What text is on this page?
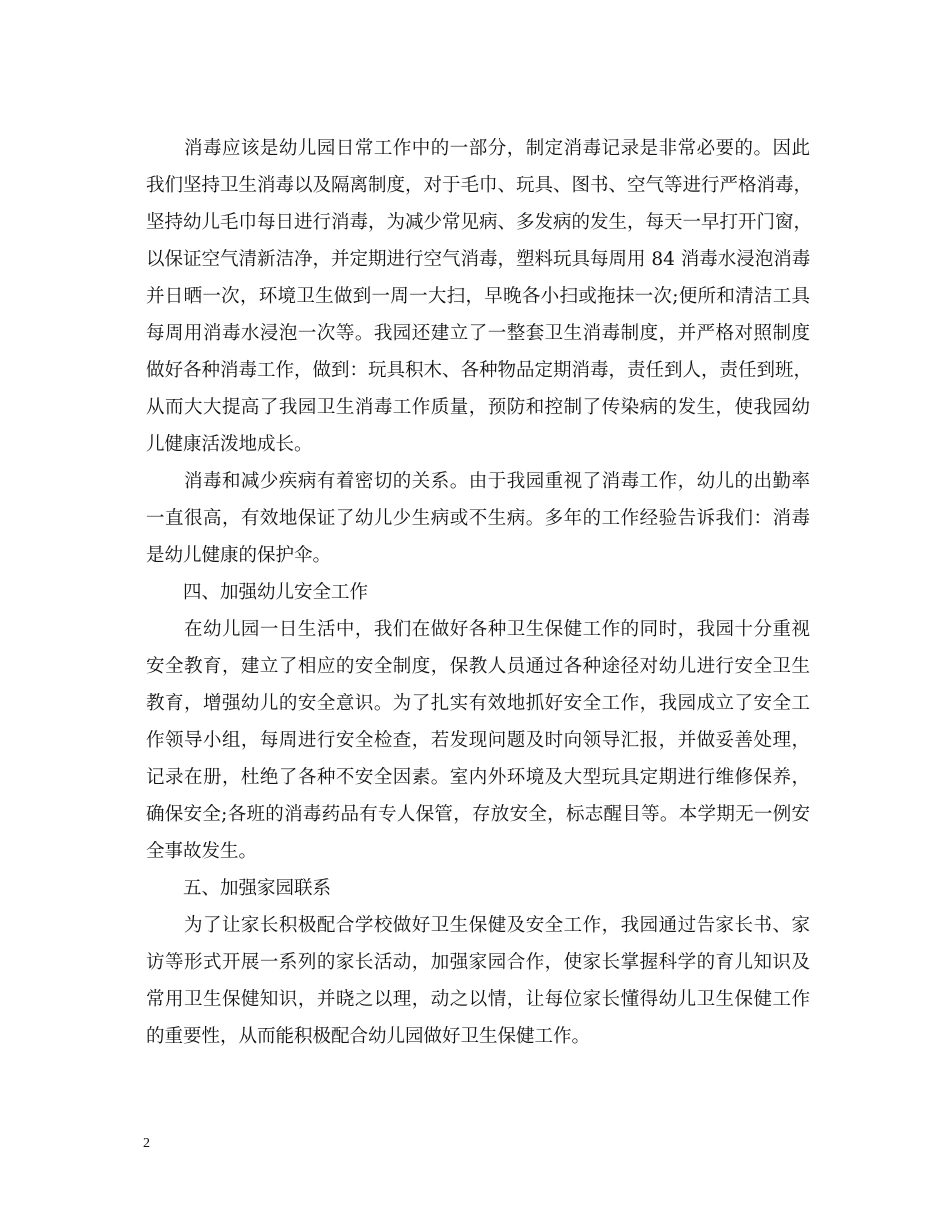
　　消毒应该是幼儿园日常工作中的一部分，制定消毒记录是非常必要的。因此
我们坚持卫生消毒以及隔离制度，对于毛巾、玩具、图书、空气等进行严格消毒，
坚持幼儿毛巾每日进行消毒，为减少常见病、多发病的发生，每天一早打开门窗，
以保证空气清新洁净，并定期进行空气消毒，塑料玩具每周用 84 消毒水浸泡消毒
并日晒一次，环境卫生做到一周一大扫，早晚各小扫或拖抹一次;便所和清洁工具
每周用消毒水浸泡一次等。我园还建立了一整套卫生消毒制度，并严格对照制度
做好各种消毒工作，做到：玩具积木、各种物品定期消毒，责任到人，责任到班，
从而大大提高了我园卫生消毒工作质量，预防和控制了传染病的发生，使我园幼
儿健康活泼地成长。
　　消毒和减少疾病有着密切的关系。由于我园重视了消毒工作，幼儿的出勤率
一直很高，有效地保证了幼儿少生病或不生病。多年的工作经验告诉我们：消毒
是幼儿健康的保护伞。
　　四、加强幼儿安全工作
　　在幼儿园一日生活中，我们在做好各种卫生保健工作的同时，我园十分重视
安全教育，建立了相应的安全制度，保教人员通过各种途径对幼儿进行安全卫生
教育，增强幼儿的安全意识。为了扎实有效地抓好安全工作，我园成立了安全工
作领导小组，每周进行安全检查，若发现问题及时向领导汇报，并做妥善处理，
记录在册，杜绝了各种不安全因素。室内外环境及大型玩具定期进行维修保养，
确保安全;各班的消毒药品有专人保管，存放安全，标志醒目等。本学期无一例安
全事故发生。
　　五、加强家园联系
　　为了让家长积极配合学校做好卫生保健及安全工作，我园通过告家长书、家
访等形式开展一系列的家长活动，加强家园合作，使家长掌握科学的育儿知识及
常用卫生保健知识，并晓之以理，动之以情，让每位家长懂得幼儿卫生保健工作
的重要性，从而能积极配合幼儿园做好卫生保健工作。
2
